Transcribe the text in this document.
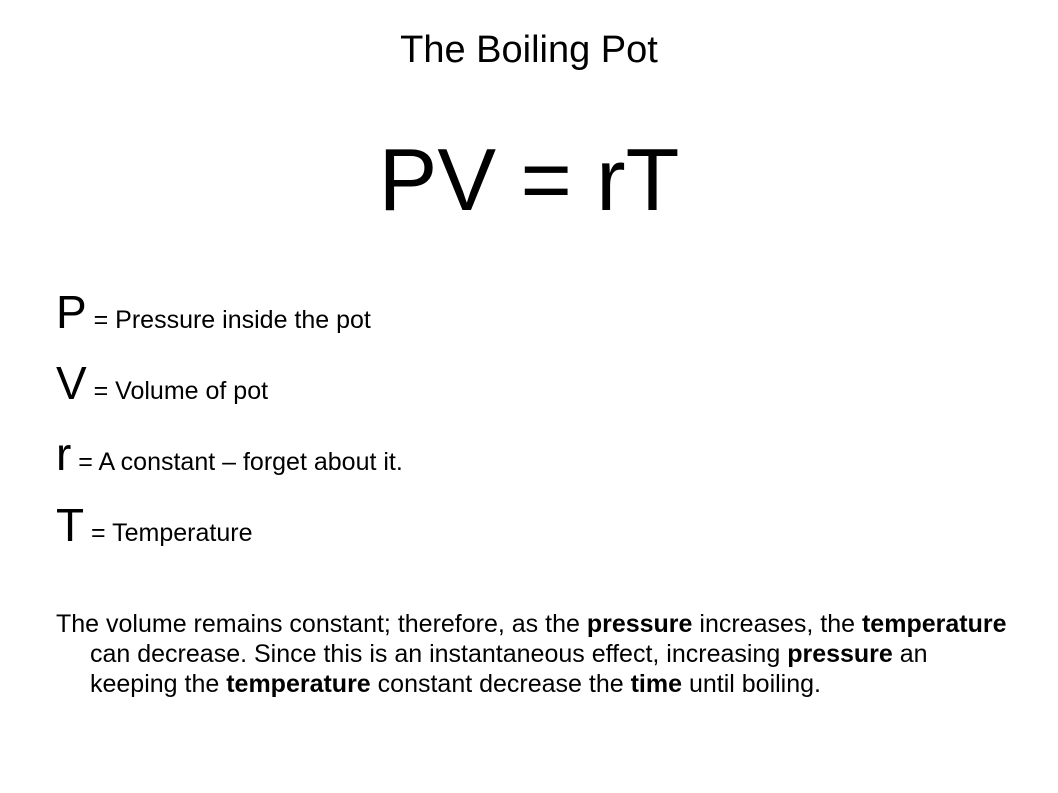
The Boiling Pot
PV = rT
P = Pressure inside the pot
V = Volume of pot
r = A constant – forget about it.
T = Temperature
The volume remains constant; therefore, as the pressure increases, the temperature can decrease. Since this is an instantaneous effect, increasing pressure an keeping the temperature constant decrease the time until boiling.
